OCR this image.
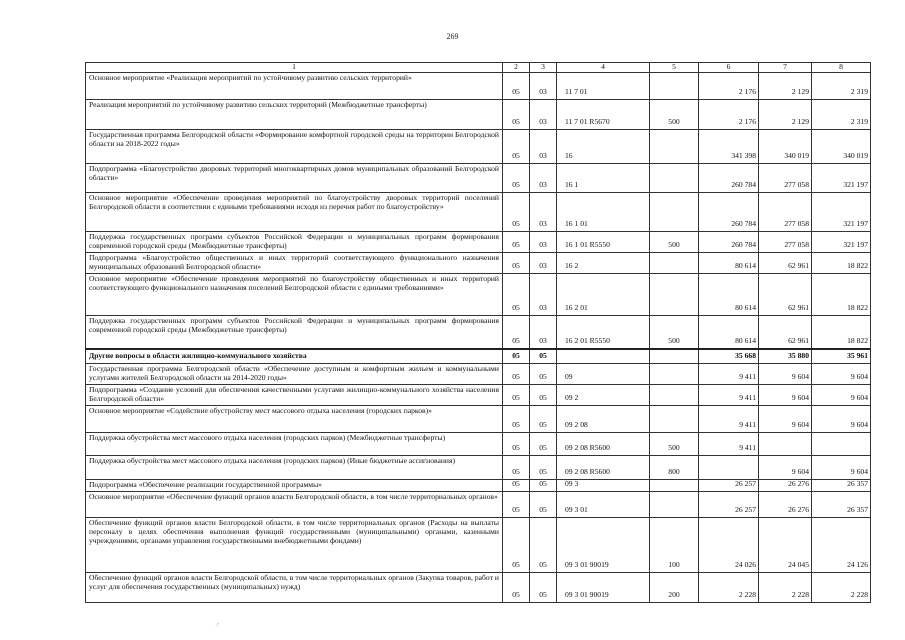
269
1	2	3	4	5	6	7	8
Основное мероприятие «Реализация мероприятий по устойчивому развитию сельских территорий»	05	03	11 7 01		2 176	2 129	2 319
Реализация мероприятий по устойчивому развитию сельских территорий (Межбюджетные трансферты)	05	03	11 7 01 R5670	500	2 176	2 129	2 319
Государственная программа Белгородской области «Формирование комфортной городской среды на территории Белгородской области на 2018-2022 годы»	05	03	16		341 398	340 019	340 019
Подпрограмма «Благоустройство дворовых территорий многоквартирных домов муниципальных образований Белгородской области»	05	03	16 1		260 784	277 058	321 197
Основное мероприятие «Обеспечение проведения мероприятий по благоустройству дворовых территорий поселений Белгородской области в соответствии с едиными требованиями исходя из перечня работ по благоустройству»	05	03	16 1 01		260 784	277 058	321 197
Поддержка государственных программ субъектов Российской Федерации и муниципальных программ формирования современной городской среды (Межбюджетные трансферты)	05	03	16 1 01 R5550	500	260 784	277 058	321 197
Подпрограмма «Благоустройство общественных и иных территорий соответствующего функционального назначения муниципальных образований Белгородской области»	05	03	16 2		80 614	62 961	18 822
Основное мероприятие «Обеспечение проведения мероприятий по благоустройству общественных и иных территорий соответствующего функционального назначения поселений Белгородской области с едиными требованиями»	05	03	16 2 01		80 614	62 961	18 822
Поддержка государственных программ субъектов Российской Федерации и муниципальных программ формирования современной городской среды (Межбюджетные трансферты)	05	03	16 2 01 R5550	500	80 614	62 961	18 822
Другие вопросы в области жилищно-коммунального хозяйства	05	05			35 668	35 880	35 961
Государственная программа Белгородской области «Обеспечение доступным и комфортным жильем и коммунальными услугами жителей Белгородской области на 2014-2020 годы»	05	05	09		9 411	9 604	9 604
Подпрограмма «Создание условий для обеспечения качественными услугами жилищно-коммунального хозяйства населения Белгородской области»	05	05	09 2		9 411	9 604	9 604
Основное мероприятие «Содействие обустройству мест массового отдыха населения (городских парков)»	05	05	09 2 08		9 411	9 604	9 604
Поддержка обустройства мест массового отдыха населения (городских парков) (Межбюджетные трансферты)	05	05	09 2 08 R5600	500	9 411		
Поддержка обустройства мест массового отдыха населения (городских парков) (Иные бюджетные ассигнования)	05	05	09 2 08 R5600	800		9 604	9 604
Подпрограмма «Обеспечение реализации государственной программы»	05	05	09 3		26 257	26 276	26 357
Основное мероприятие «Обеспечение функций органов власти Белгородской области, в том числе территориальных органов»	05	05	09 3 01		26 257	26 276	26 357
Обеспечение функций органов власти Белгородской области, в том числе территориальных органов (Расходы на выплаты персоналу в целях обеспечения выполнения функций государственными (муниципальными) органами, казенными учреждениями, органами управления государственными внебюджетными фондами)	05	05	09 3 01 90019	100	24 026	24 045	24 126
Обеспечение функций органов власти Белгородской области, в том числе территориальных органов (Закупка товаров, работ и услуг для обеспечения государственных (муниципальных) нужд)	05	05	09 3 01 90019	200	2 228	2 228	2 228
·'
